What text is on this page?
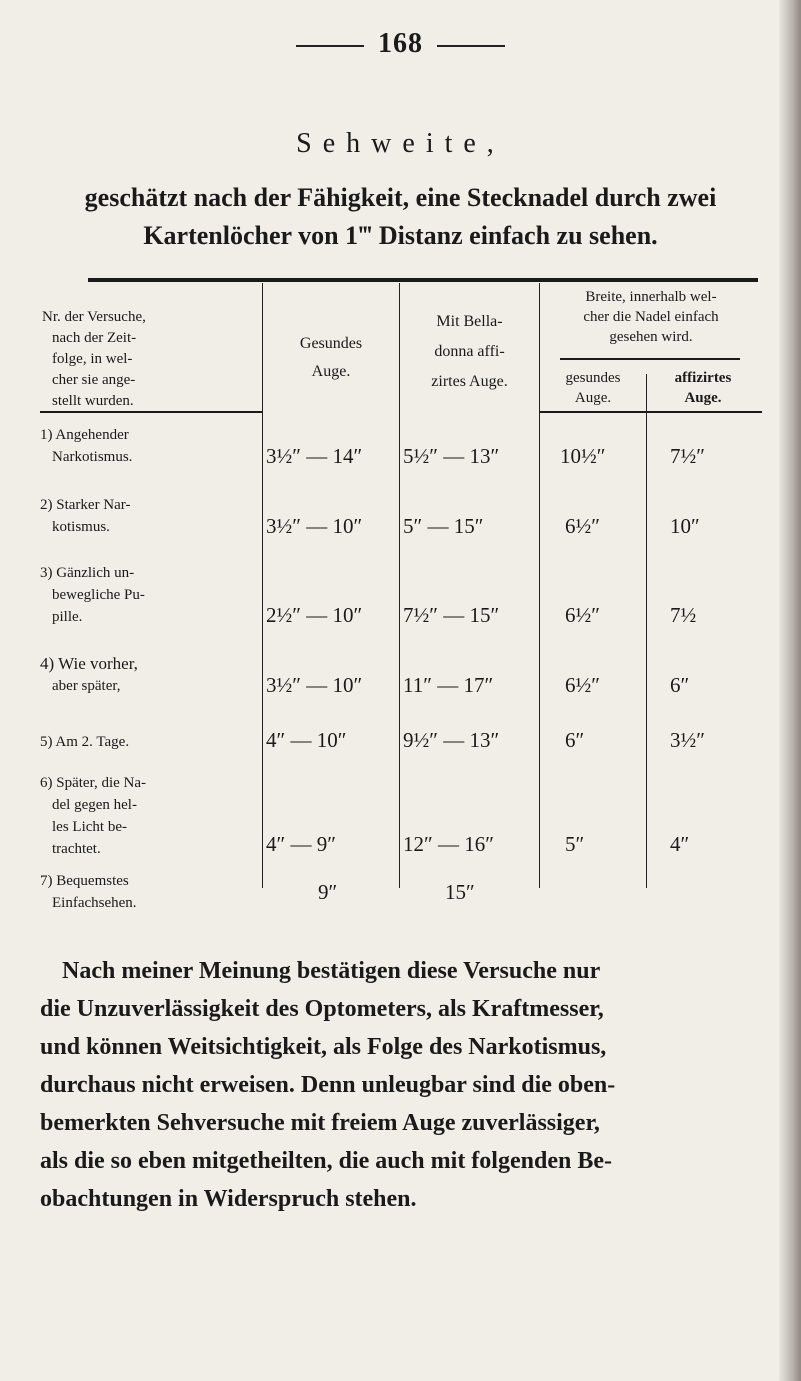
168
Sehweite,
geschätzt nach der Fähigkeit, eine Stecknadel durch zwei
Kartenlöcher von 1‴ Distanz einfach zu sehen.
Nr. der Versuche,
nach der Zeit-
folge, in wel-
cher sie ange-
stellt wurden.
Gesundes
Auge.
Mit Bella-
donna affi-
zirtes Auge.
Breite, innerhalb wel-
cher die Nadel einfach
gesehen wird.
gesundes
Auge.
affizirtes
Auge.
1) Angehender
Narkotismus.	3½″ — 14″ 5½″ — 13″	10½″	7½″
2) Starker Nar-
kotismus.	3½″ — 10″ 5″ — 15″	6½″	10″
3) Gänzlich un-
bewegliche Pu-
pille.	2½″ — 10″ 7½″ — 15″	6½″	7½
4) Wie vorher,
aber später,	3½″ — 10″ 11″ — 17″	6½″	6″
5) Am 2. Tage.	4″ — 10″	9½″ — 13″	6″	3½″
6) Später, die Na-
del gegen hel-
les Licht be-
trachtet.	4″ — 9″	12″ — 16″	5″	4″
7) Bequemstes
Einfachsehen.	9″	15″
Nach meiner Meinung bestätigen diese Versuche nur
die Unzuverlässigkeit des Optometers, als Kraftmesser,
und können Weitsichtigkeit, als Folge des Narkotismus,
durchaus nicht erweisen. Denn unleugbar sind die oben-
bemerkten Sehversuche mit freiem Auge zuverlässiger,
als die so eben mitgetheilten, die auch mit folgenden Be-
obachtungen in Widerspruch stehen.
